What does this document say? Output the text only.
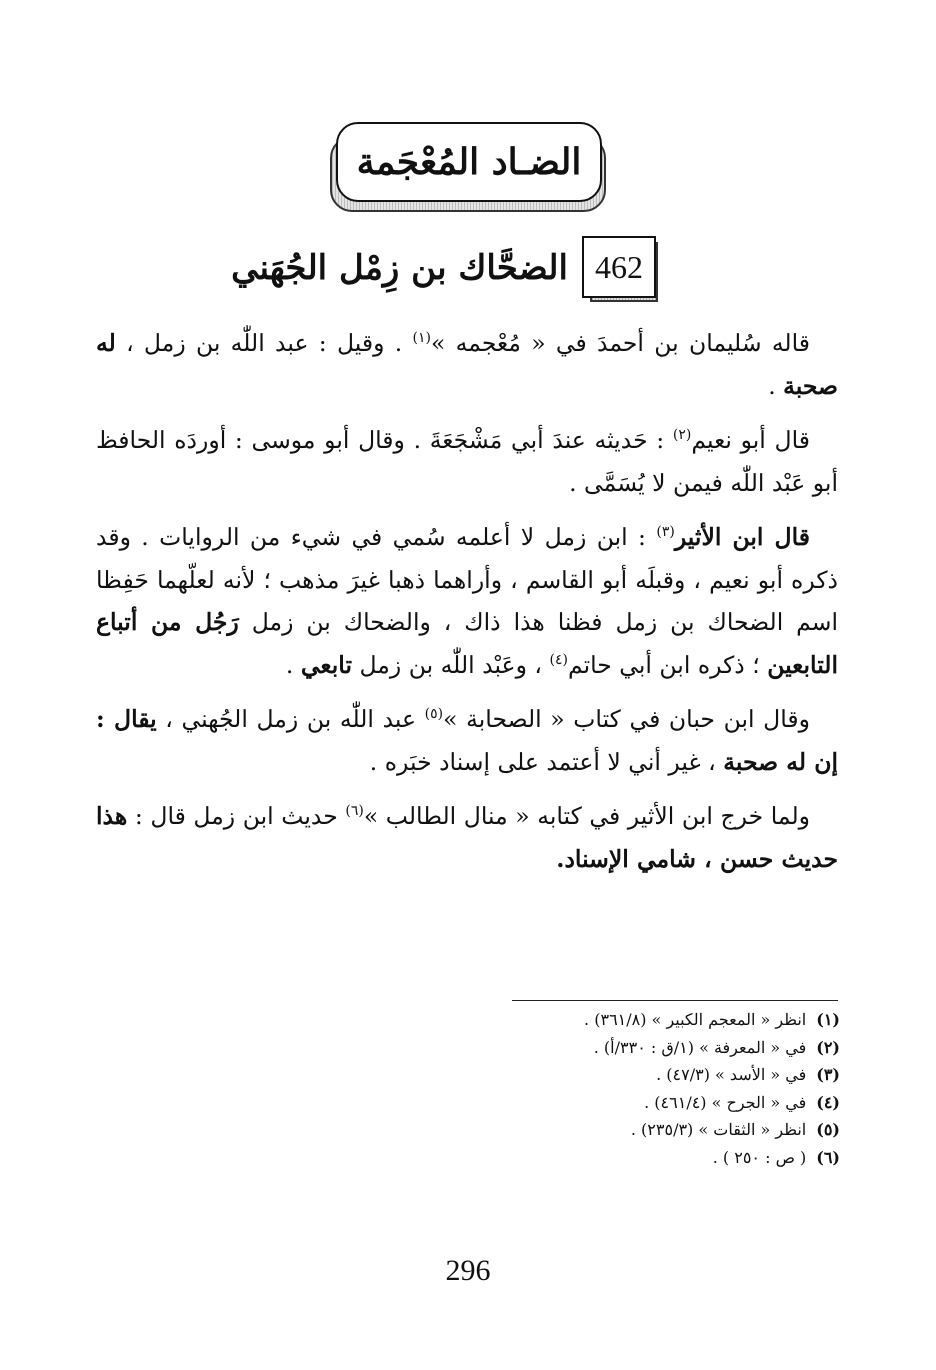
الضـاد المُعْجَمة
462
الضحَّاك بن زِمْل الجُهَني

قاله سُليمان بن أحمدَ في « مُعْجمه »$^{(١)}$ . وقيل : عبد اللّٰه بن زمل ، له صحبة .

قال أبو نعيم$^{(٢)}$ : حَديثه عندَ أبي مَشْجَعَةَ . وقال أبو موسى : أوردَه الحافظ أبو عَبْد اللّٰه فيمن لا يُسَمَّى .

قال ابن الأثير$^{(٣)}$ : ابن زمل لا أعلمه سُمي في شيء من الروايات . وقد ذكره أبو نعيم ، وقبلَه أبو القاسم ، وأراهما ذهبا غيرَ مذهب ؛ لأنه لعلّهما حَفِظا اسم الضحاك بن زمل فظنا هذا ذاك ، والضحاك بن زمل رَجُل من أتباع التابعين ؛ ذكره ابن أبي حاتم$^{(٤)}$ ، وعَبْد اللّٰه بن زمل تابعي .

وقال ابن حبان في كتاب « الصحابة »$^{(٥)}$ عبد اللّٰه بن زمل الجُهني ، يقال : إن له صحبة ، غير أني لا أعتمد على إسناد خبَره .

ولما خرج ابن الأثير في كتابه « منال الطالب »$^{(٦)}$ حديث ابن زمل قال : هذا حديث حسن ، شامي الإسناد.

(١)انظر « المعجم الكبير » (٣٦١/٨) .
(٢)في « المعرفة » (١/ق : ٣٣٠/أ) .
(٣)في « الأسد » (٤٧/٣) .
(٤)في « الجرح » (٤٦١/٤) .
(٥)انظر « الثقات » (٢٣٥/٣) .
(٦)( ص : ٢٥٠ ) .
296
